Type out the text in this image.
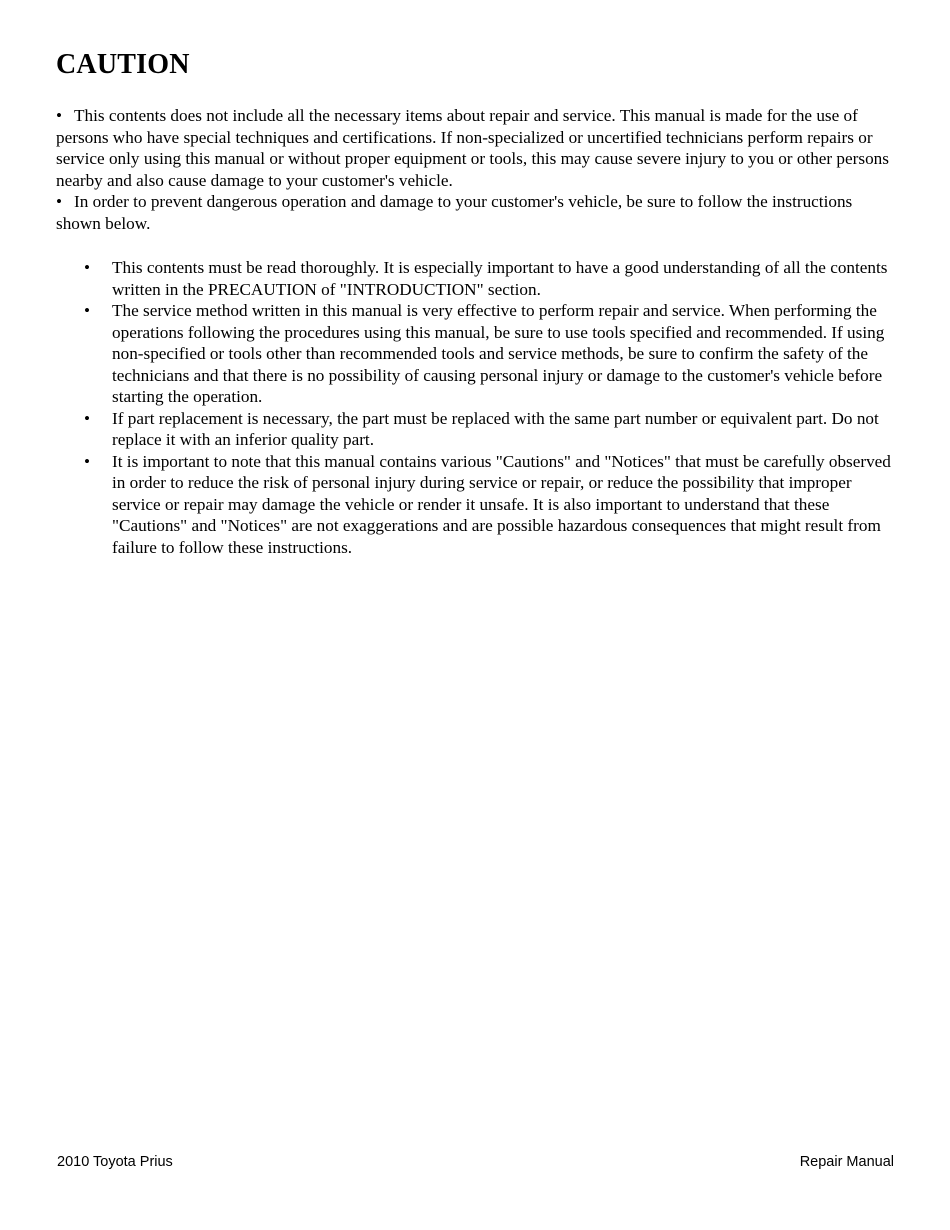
CAUTION

• This contents does not include all the necessary items about repair and service. This manual is made for the use of persons who have special techniques and certifications. If non-specialized or uncertified technicians perform repairs or service only using this manual or without proper equipment or tools, this may cause severe injury to you or other persons nearby and also cause damage to your customer's vehicle.

• In order to prevent dangerous operation and damage to your customer's vehicle, be sure to follow the instructions shown below.

• This contents must be read thoroughly. It is especially important to have a good understanding of all the contents written in the PRECAUTION of "INTRODUCTION" section.
• The service method written in this manual is very effective to perform repair and service. When performing the operations following the procedures using this manual, be sure to use tools specified and recommended. If using non-specified or tools other than recommended tools and service methods, be sure to confirm the safety of the technicians and that there is no possibility of causing personal injury or damage to the customer's vehicle before starting the operation.
• If part replacement is necessary, the part must be replaced with the same part number or equivalent part. Do not replace it with an inferior quality part.
• It is important to note that this manual contains various "Cautions" and "Notices" that must be carefully observed in order to reduce the risk of personal injury during service or repair, or reduce the possibility that improper service or repair may damage the vehicle or render it unsafe. It is also important to understand that these "Cautions" and "Notices" are not exaggerations and are possible hazardous consequences that might result from failure to follow these instructions.
2010 Toyota Prius	Repair Manual
